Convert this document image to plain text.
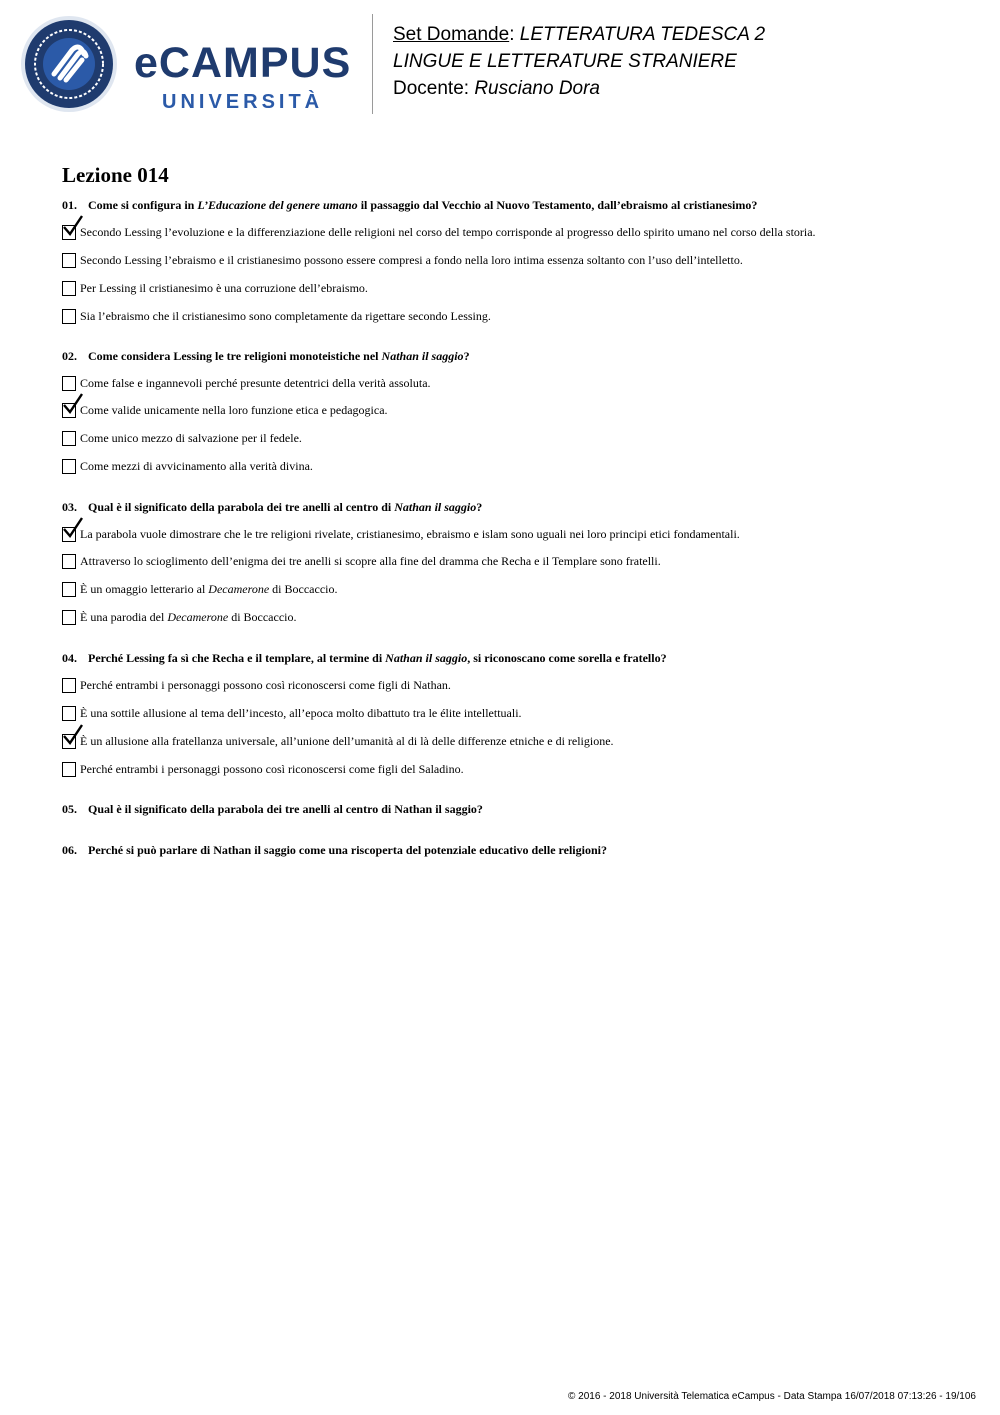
eCAMPUS
UNIVERSITÀ
Set Domande: LETTERATURA TEDESCA 2
LINGUE E LETTERATURE STRANIERE
Docente: Rusciano Dora
Lezione 014
01. Come si configura in L’Educazione del genere umano il passaggio dal Vecchio al Nuovo Testamento, dall’ebraismo al cristianesimo?
Secondo Lessing l’evoluzione e la differenziazione delle religioni nel corso del tempo corrisponde al progresso dello spirito umano nel corso della storia.
Secondo Lessing l’ebraismo e il cristianesimo possono essere compresi a fondo nella loro intima essenza soltanto con l’uso dell’intelletto.
Per Lessing il cristianesimo è una corruzione dell’ebraismo.
Sia l’ebraismo che il cristianesimo sono completamente da rigettare secondo Lessing.
02. Come considera Lessing le tre religioni monoteistiche nel Nathan il saggio?
Come false e ingannevoli perché presunte detentrici della verità assoluta.
Come valide unicamente nella loro funzione etica e pedagogica.
Come unico mezzo di salvazione per il fedele.
Come mezzi di avvicinamento alla verità divina.
03. Qual è il significato della parabola dei tre anelli al centro di Nathan il saggio?
La parabola vuole dimostrare che le tre religioni rivelate, cristianesimo, ebraismo e islam sono uguali nei loro principi etici fondamentali.
Attraverso lo scioglimento dell’enigma dei tre anelli si scopre alla fine del dramma che Recha e il Templare sono fratelli.
È un omaggio letterario al Decamerone di Boccaccio.
È una parodia del Decamerone di Boccaccio.
04. Perché Lessing fa sì che Recha e il templare, al termine di Nathan il saggio, si riconoscano come sorella e fratello?
Perché entrambi i personaggi possono così riconoscersi come figli di Nathan.
È una sottile allusione al tema dell’incesto, all’epoca molto dibattuto tra le élite intellettuali.
È un allusione alla fratellanza universale, all’unione dell’umanità al di là delle differenze etniche e di religione.
Perché entrambi i personaggi possono così riconoscersi come figli del Saladino.
05. Qual è il significato della parabola dei tre anelli al centro di Nathan il saggio?
06. Perché si può parlare di Nathan il saggio come una riscoperta del potenziale educativo delle religioni?
© 2016 - 2018 Università Telematica eCampus - Data Stampa 16/07/2018 07:13:26 - 19/106
